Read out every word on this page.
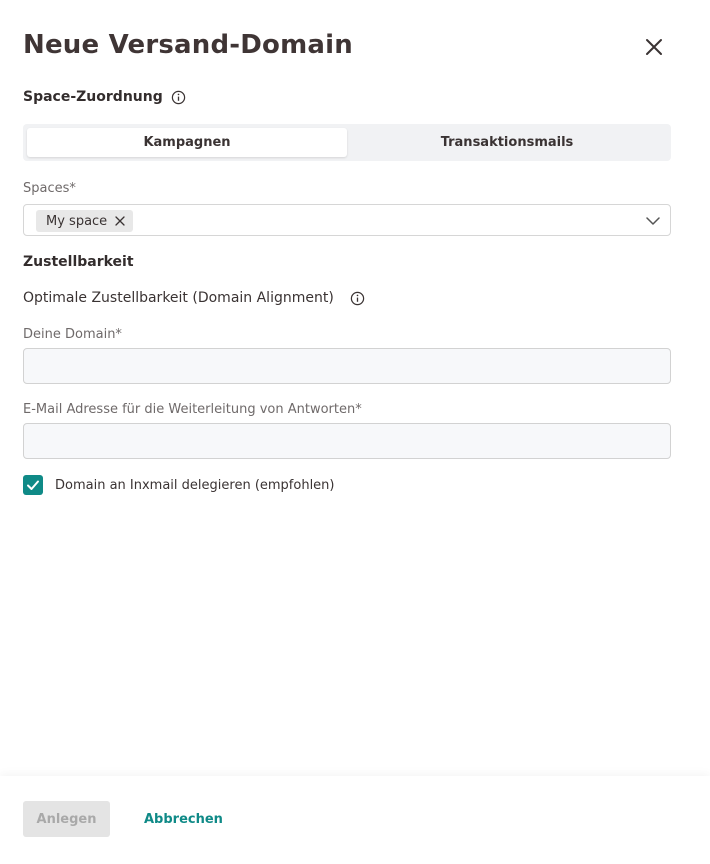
Neue Versand-Domain
Space-Zuordnung
Kampagnen	Transaktionsmails
Spaces*
My space
Zustellbarkeit
Optimale Zustellbarkeit (Domain Alignment)
Deine Domain*
E-Mail Adresse für die Weiterleitung von Antworten*
Domain an Inxmail delegieren (empfohlen)
Anlegen	Abbrechen
